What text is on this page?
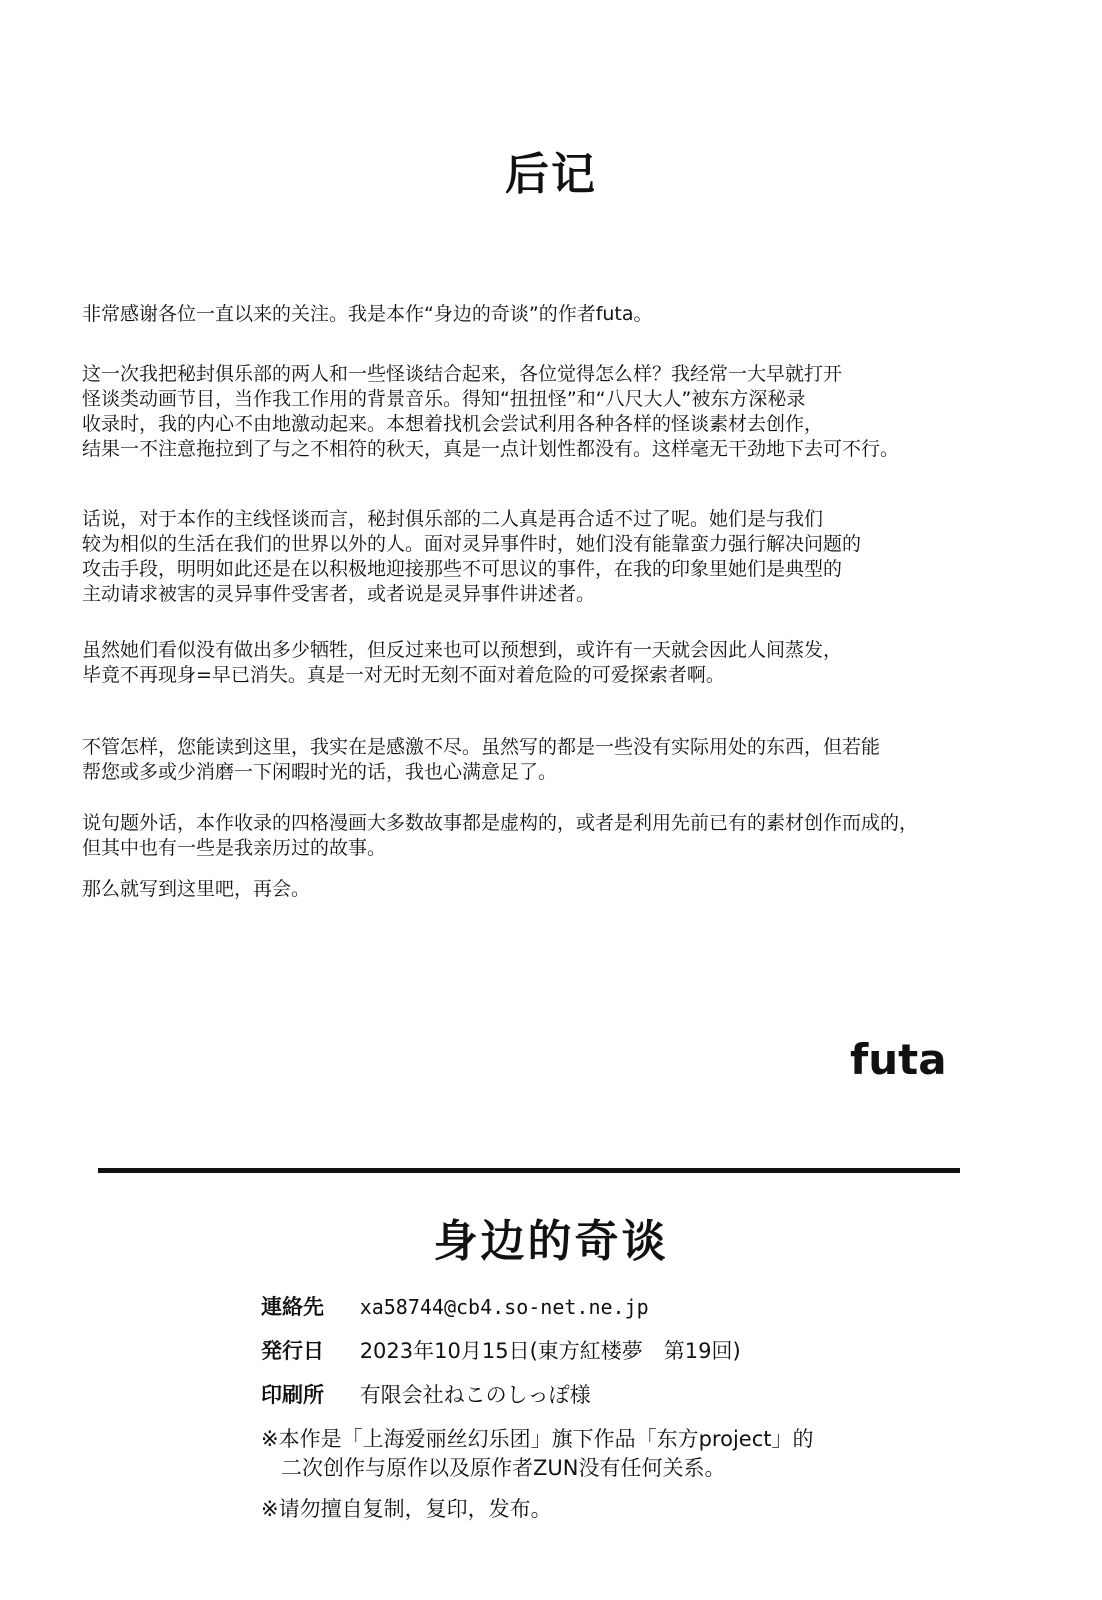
后记

非常感谢各位一直以来的关注。我是本作“身边的奇谈”的作者futa。

这一次我把秘封俱乐部的两人和一些怪谈结合起来，各位觉得怎么样？我经常一大早就打开
怪谈类动画节目，当作我工作用的背景音乐。得知“扭扭怪”和“八尺大人”被东方深秘录
收录时，我的内心不由地激动起来。本想着找机会尝试利用各种各样的怪谈素材去创作，
结果一不注意拖拉到了与之不相符的秋天，真是一点计划性都没有。这样毫无干劲地下去可不行。

话说，对于本作的主线怪谈而言，秘封俱乐部的二人真是再合适不过了呢。她们是与我们
较为相似的生活在我们的世界以外的人。面对灵异事件时，她们没有能靠蛮力强行解决问题的
攻击手段，明明如此还是在以积极地迎接那些不可思议的事件，在我的印象里她们是典型的
主动请求被害的灵异事件受害者，或者说是灵异事件讲述者。

虽然她们看似没有做出多少牺牲，但反过来也可以预想到，或许有一天就会因此人间蒸发，
毕竟不再现身=早已消失。真是一对无时无刻不面对着危险的可爱探索者啊。

不管怎样，您能读到这里，我实在是感激不尽。虽然写的都是一些没有实际用处的东西，但若能
帮您或多或少消磨一下闲暇时光的话，我也心满意足了。

说句题外话，本作收录的四格漫画大多数故事都是虚构的，或者是利用先前已有的素材创作而成的，
但其中也有一些是我亲历过的故事。

那么就写到这里吧，再会。

futa

身边的奇谈
連絡先 xa58744@cb4.so-net.ne.jp
発行日 2023年10月15日(東方紅楼夢　第19回)
印刷所 有限会社ねこのしっぽ様
※本作是「上海爱丽丝幻乐团」旗下作品「东方project」的
二次创作与原作以及原作者ZUN没有任何关系。
※请勿擅自复制，复印，发布。
